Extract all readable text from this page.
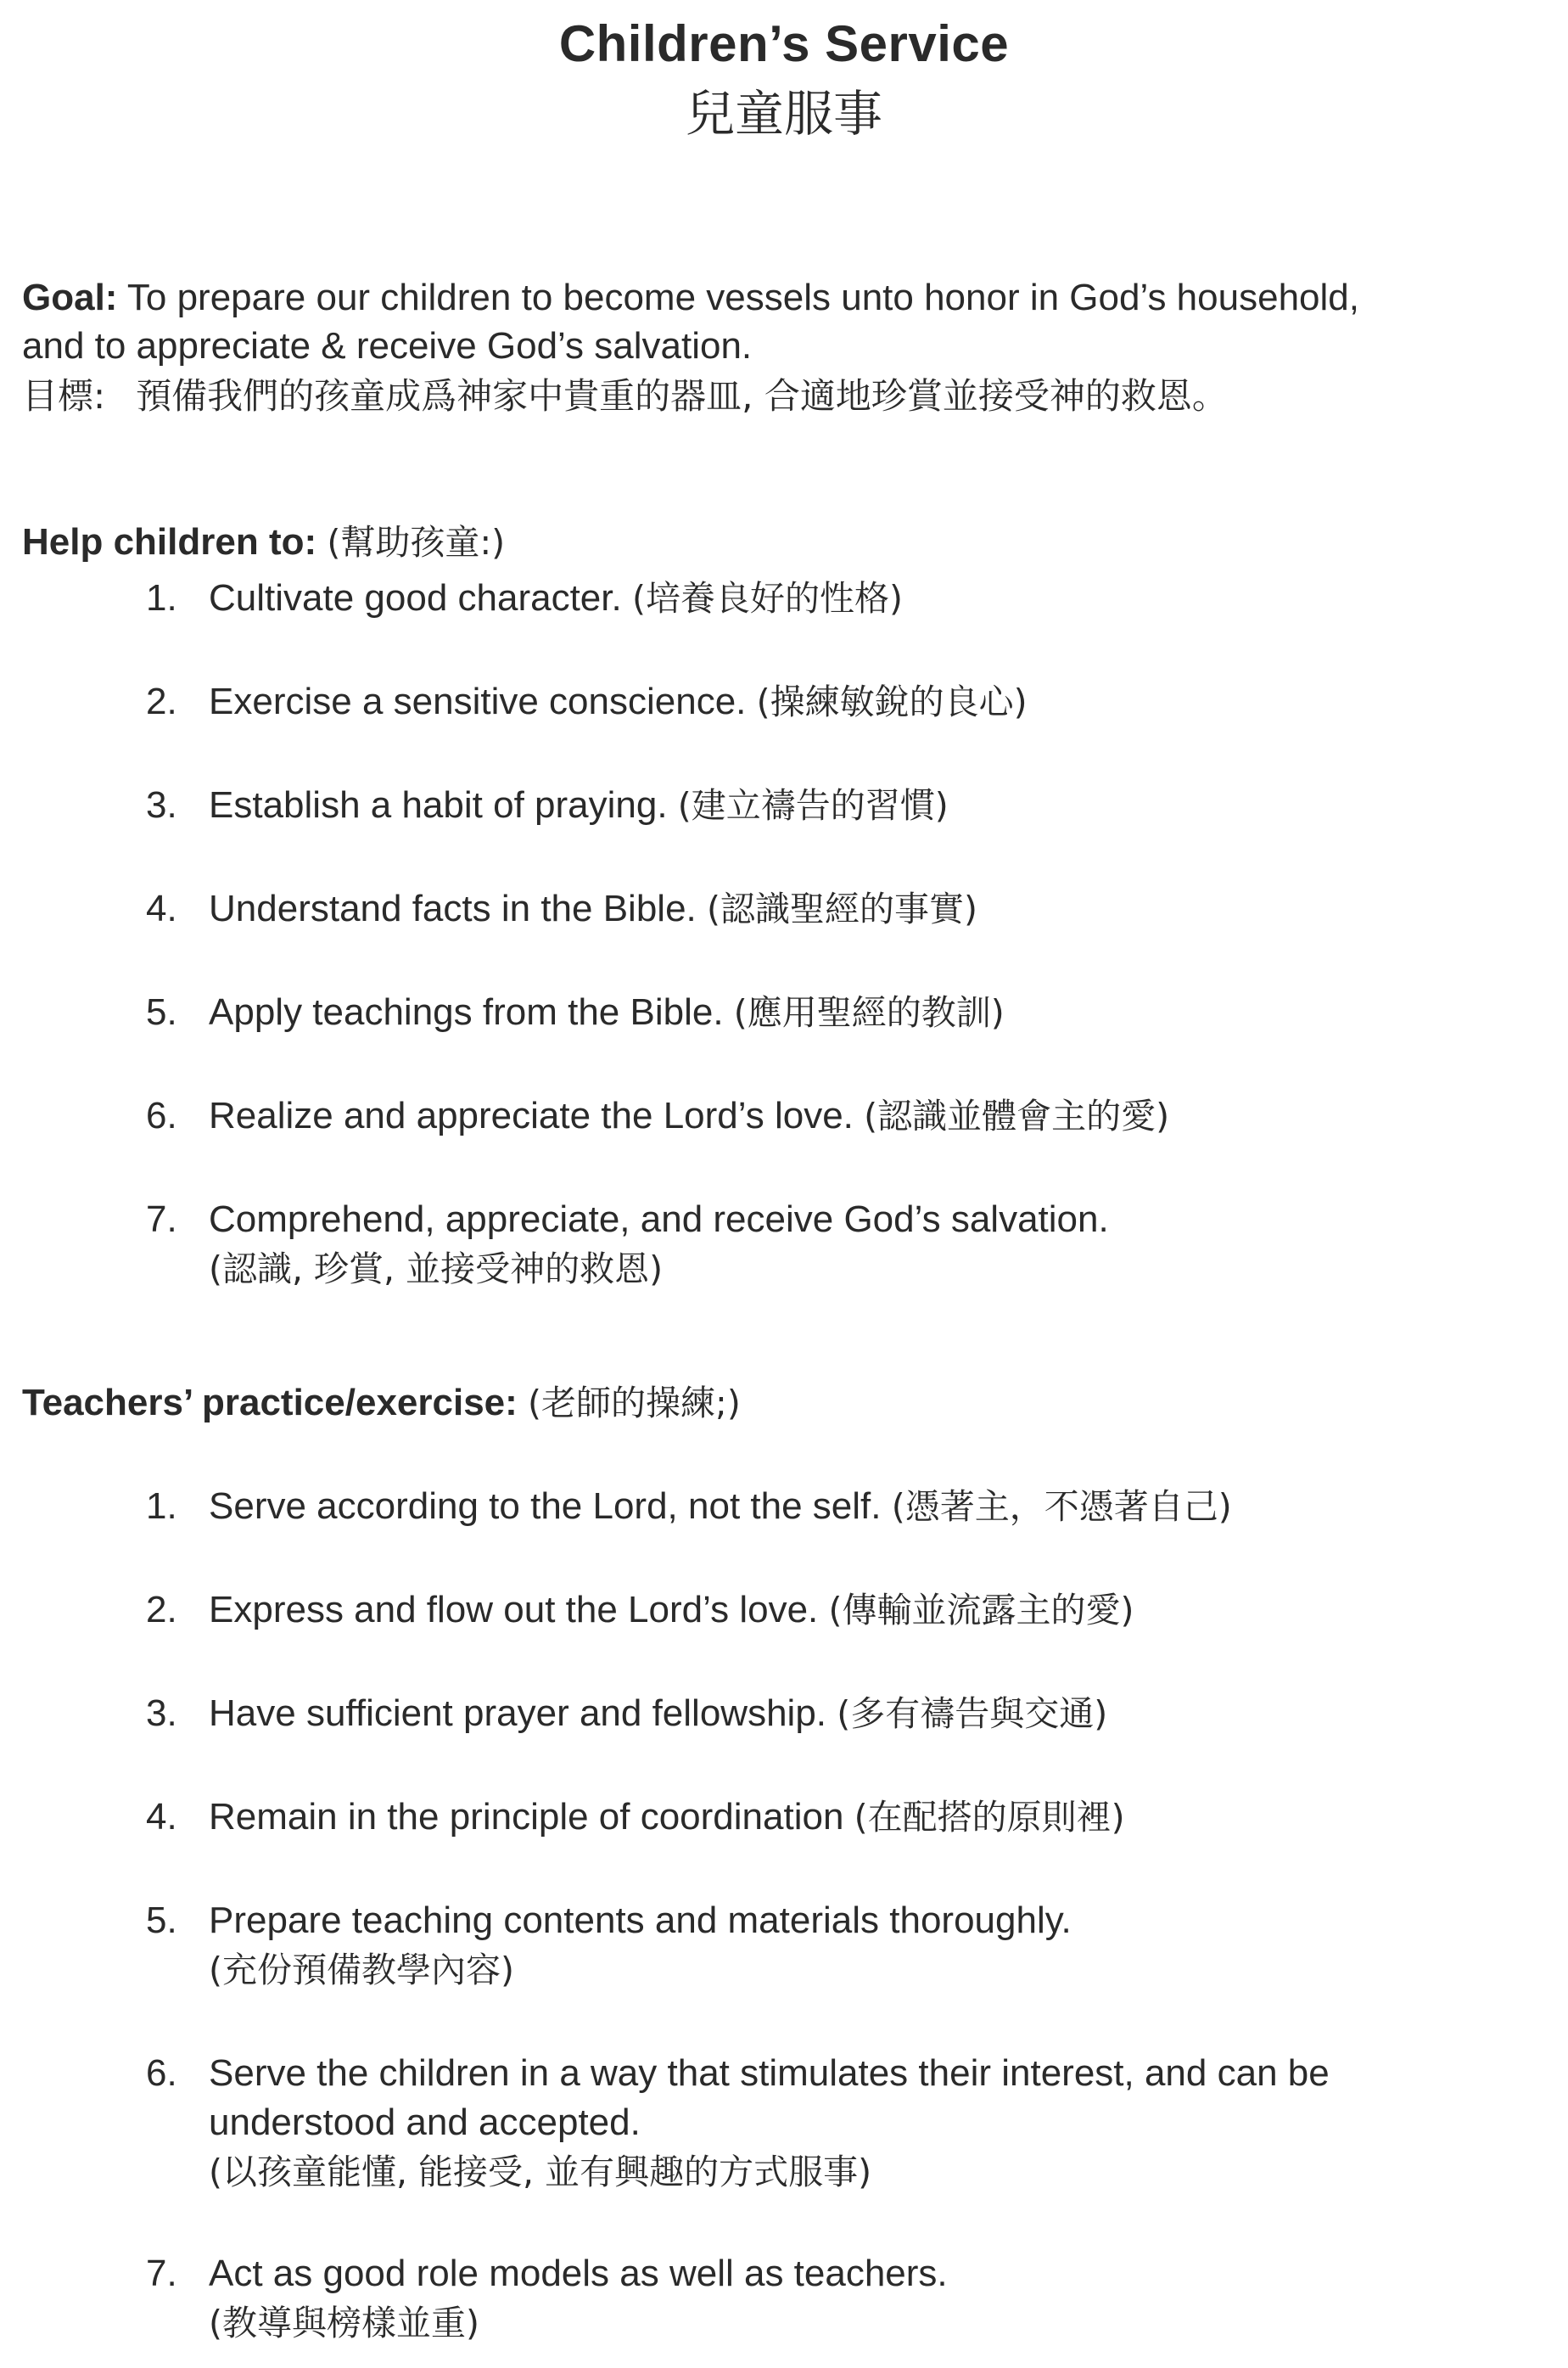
Children’s Service
兒童服事
Goal: To prepare our children to become vessels unto honor in God’s household,
and to appreciate & receive God’s salvation.
目標: 預備我們的孩童成爲神家中貴重的器皿, 合適地珍賞並接受神的救恩。
Help children to: (幫助孩童:)
1. Cultivate good character. (培養良好的性格)
2. Exercise a sensitive conscience. (操練敏銳的良心)
3. Establish a habit of praying. (建立禱告的習慣)
4. Understand facts in the Bible. (認識聖經的事實)
5. Apply teachings from the Bible. (應用聖經的教訓)
6. Realize and appreciate the Lord’s love. (認識並體會主的愛)
7. Comprehend, appreciate, and receive God’s salvation.
(認識, 珍賞, 並接受神的救恩)
Teachers’ practice/exercise: (老師的操練;)
1. Serve according to the Lord, not the self. (憑著主，不憑著自己)
2. Express and flow out the Lord’s love. (傳輸並流露主的愛)
3. Have sufficient prayer and fellowship. (多有禱告與交通)
4. Remain in the principle of coordination (在配搭的原則裡)
5. Prepare teaching contents and materials thoroughly.
(充份預備教學內容)
6. Serve the children in a way that stimulates their interest, and can be
understood and accepted.
(以孩童能懂, 能接受, 並有興趣的方式服事)
7. Act as good role models as well as teachers.
(教導與榜樣並重)
